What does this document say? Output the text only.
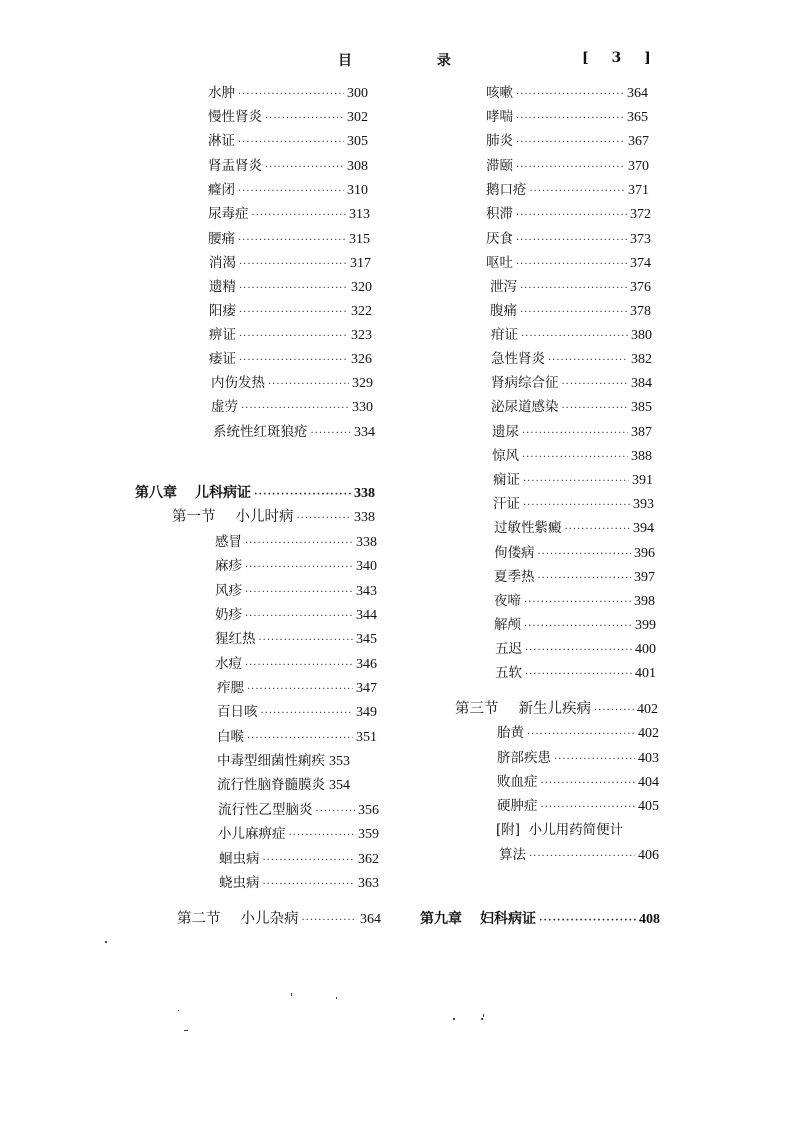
目 录	[ 3 ]
水肿 ·····	300
慢性肾炎 ·····	302
淋证 ·····	305
肾盂肾炎 ·····	308
癃闭 ·····	310
尿毒症 ·····	313
腰痛 ·····	315
消渴 ·····	317
遗精 ·····	320
阳痿 ·····	322
痹证 ·····	323
痿证 ·····	326
内伤发热 ·····	329
虚劳 ·····	330
系统性红斑狼疮 ·····	334
第八章 儿科病证 ·····	338
第一节 小儿时病 ·····	338
感冒 ·····	338
麻疹 ·····	340
风疹 ·····	343
奶疹 ·····	344
猩红热 ·····	345
水痘 ·····	346
痄腮 ·····	347
百日咳 ·····	349
白喉 ·····	351
中毒型细菌性痢疾 353
流行性脑脊髓膜炎 354
流行性乙型脑炎 ·····	356
小儿麻痹症 ·····	359
蛔虫病 ·····	362
蛲虫病 ·····	363
第二节 小儿杂病 ·····	364
咳嗽 ·····	364
哮喘 ·····	365
肺炎 ·····	367
滞颐 ·····	370
鹅口疮 ·····	371
积滞 ·····	372
厌食 ·····	373
呕吐 ·····	374
泄泻 ·····	376
腹痛 ·····	378
疳证 ·····	380
急性肾炎 ·····	382
肾病综合征 ·····	384
泌尿道感染 ·····	385
遗尿 ·····	387
惊风 ·····	388
痫证 ·····	391
汗证 ·····	393
过敏性紫癜 ·····	394
佝偻病 ·····	396
夏季热 ·····	397
夜啼 ·····	398
解颅 ·····	399
五迟 ·····	400
五软 ·····	401
第三节 新生儿疾病 ·····	402
胎黄 ·····	402
脐部疾患 ·····	403
败血症 ·····	404
硬肿症 ·····	405
[附]  小儿用药简便计
算法 ·····	406
第九章 妇科病证 ·····	408
